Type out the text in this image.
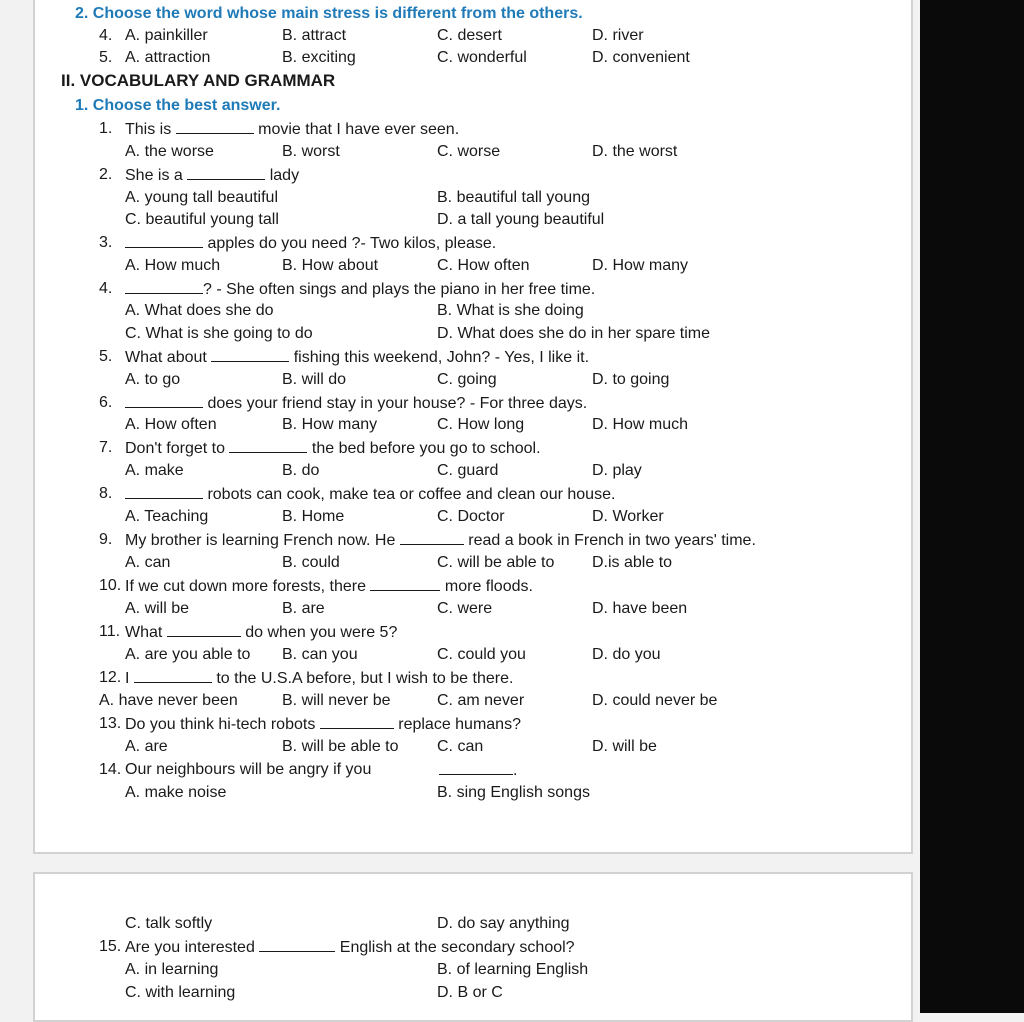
2. Choose the word whose main stress is different from the others.
4. A. painkiller	B. attract	C. desert	D. river
5. A. attraction	B. exciting	C. wonderful	D. convenient
II. VOCABULARY AND GRAMMAR
1. Choose the best answer.
1. This is	movie that I have ever seen.
A. the worse	B. worst	C. worse	D. the worst
2. She is a	lady
A. young tall beautiful	B. beautiful tall young
C. beautiful young tall	D. a tall young beautiful
3.	apples do you need ?- Two kilos, please.
A. How much	B. How about	C. How often	D. How many
4.	? - She often sings and plays the piano in her free time.
A. What does she do	B. What is she doing
C. What is she going to do	D. What does she do in her spare time
5. What about	fishing this weekend, John? - Yes, I like it.
A. to go	B. will do	C. going	D. to going
6.	does your friend stay in your house? - For three days.
A. How often	B. How many	C. How long	D. How much
7. Don't forget to	the bed before you go to school.
A. make	B. do	C. guard	D. play
8.	robots can cook, make tea or coffee and clean our house.
A. Teaching	B. Home	C. Doctor	D. Worker
9. My brother is learning French now. He	read a book in French in two years' time.
A. can	B. could	C. will be able to D.is able to
10. If we cut down more forests, there	more floods.
A. will be	B. are	C. were	D. have been
11. What	do when you were 5?
A. are you able to B. can you	C. could you	D. do you
12. I	to the U.S.A before, but I wish to be there.
A. have never been	B. will never be	C. am never	D. could never be
13. Do you think hi-tech robots	replace humans?
A. are	B. will be able to C. can	D. will be
14. Our neighbours will be angry if you	.
A. make noise	B. sing English songs
C. talk softly	D. do say anything
15. Are you interested	English at the secondary school?
A. in learning	B. of learning English
C. with learning	D. B or C
